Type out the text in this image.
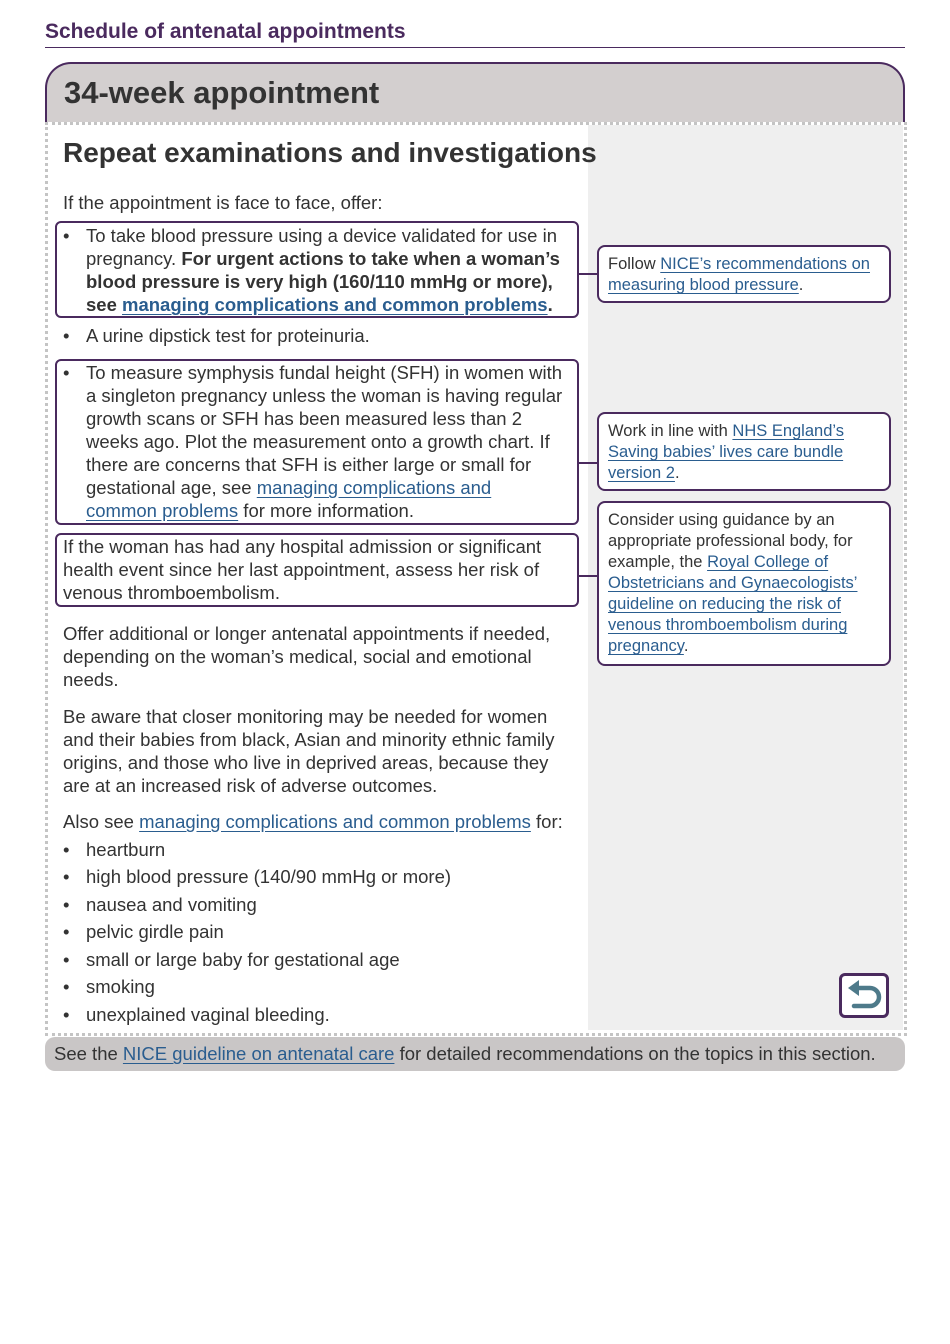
Schedule of antenatal appointments
34-week appointment
Repeat examinations and investigations
If the appointment is face to face, offer:
• To take blood pressure using a device validated for use in pregnancy. For urgent actions to take when a woman’s blood pressure is very high (160/110 mmHg or more), see managing complications and common problems.
• A urine dipstick test for proteinuria.
• To measure symphysis fundal height (SFH) in women with a singleton pregnancy unless the woman is having regular growth scans or SFH has been measured less than 2 weeks ago. Plot the measurement onto a growth chart. If there are concerns that SFH is either large or small for gestational age, see managing complications and common problems for more information.
If the woman has had any hospital admission or significant health event since her last appointment, assess her risk of venous thromboembolism.
Follow NICE’s recommendations on measuring blood pressure.
Work in line with NHS England’s Saving babies’ lives care bundle version 2.
Consider using guidance by an appropriate professional body, for example, the Royal College of Obstetricians and Gynaecologists’ guideline on reducing the risk of venous thromboembolism during pregnancy.
Offer additional or longer antenatal appointments if needed, depending on the woman’s medical, social and emotional needs.
Be aware that closer monitoring may be needed for women and their babies from black, Asian and minority ethnic family origins, and those who live in deprived areas, because they are at an increased risk of adverse outcomes.
Also see managing complications and common problems for:
• heartburn
• high blood pressure (140/90 mmHg or more)
• nausea and vomiting
• pelvic girdle pain
• small or large baby for gestational age
• smoking
• unexplained vaginal bleeding.
See the NICE guideline on antenatal care for detailed recommendations on the topics in this section.
